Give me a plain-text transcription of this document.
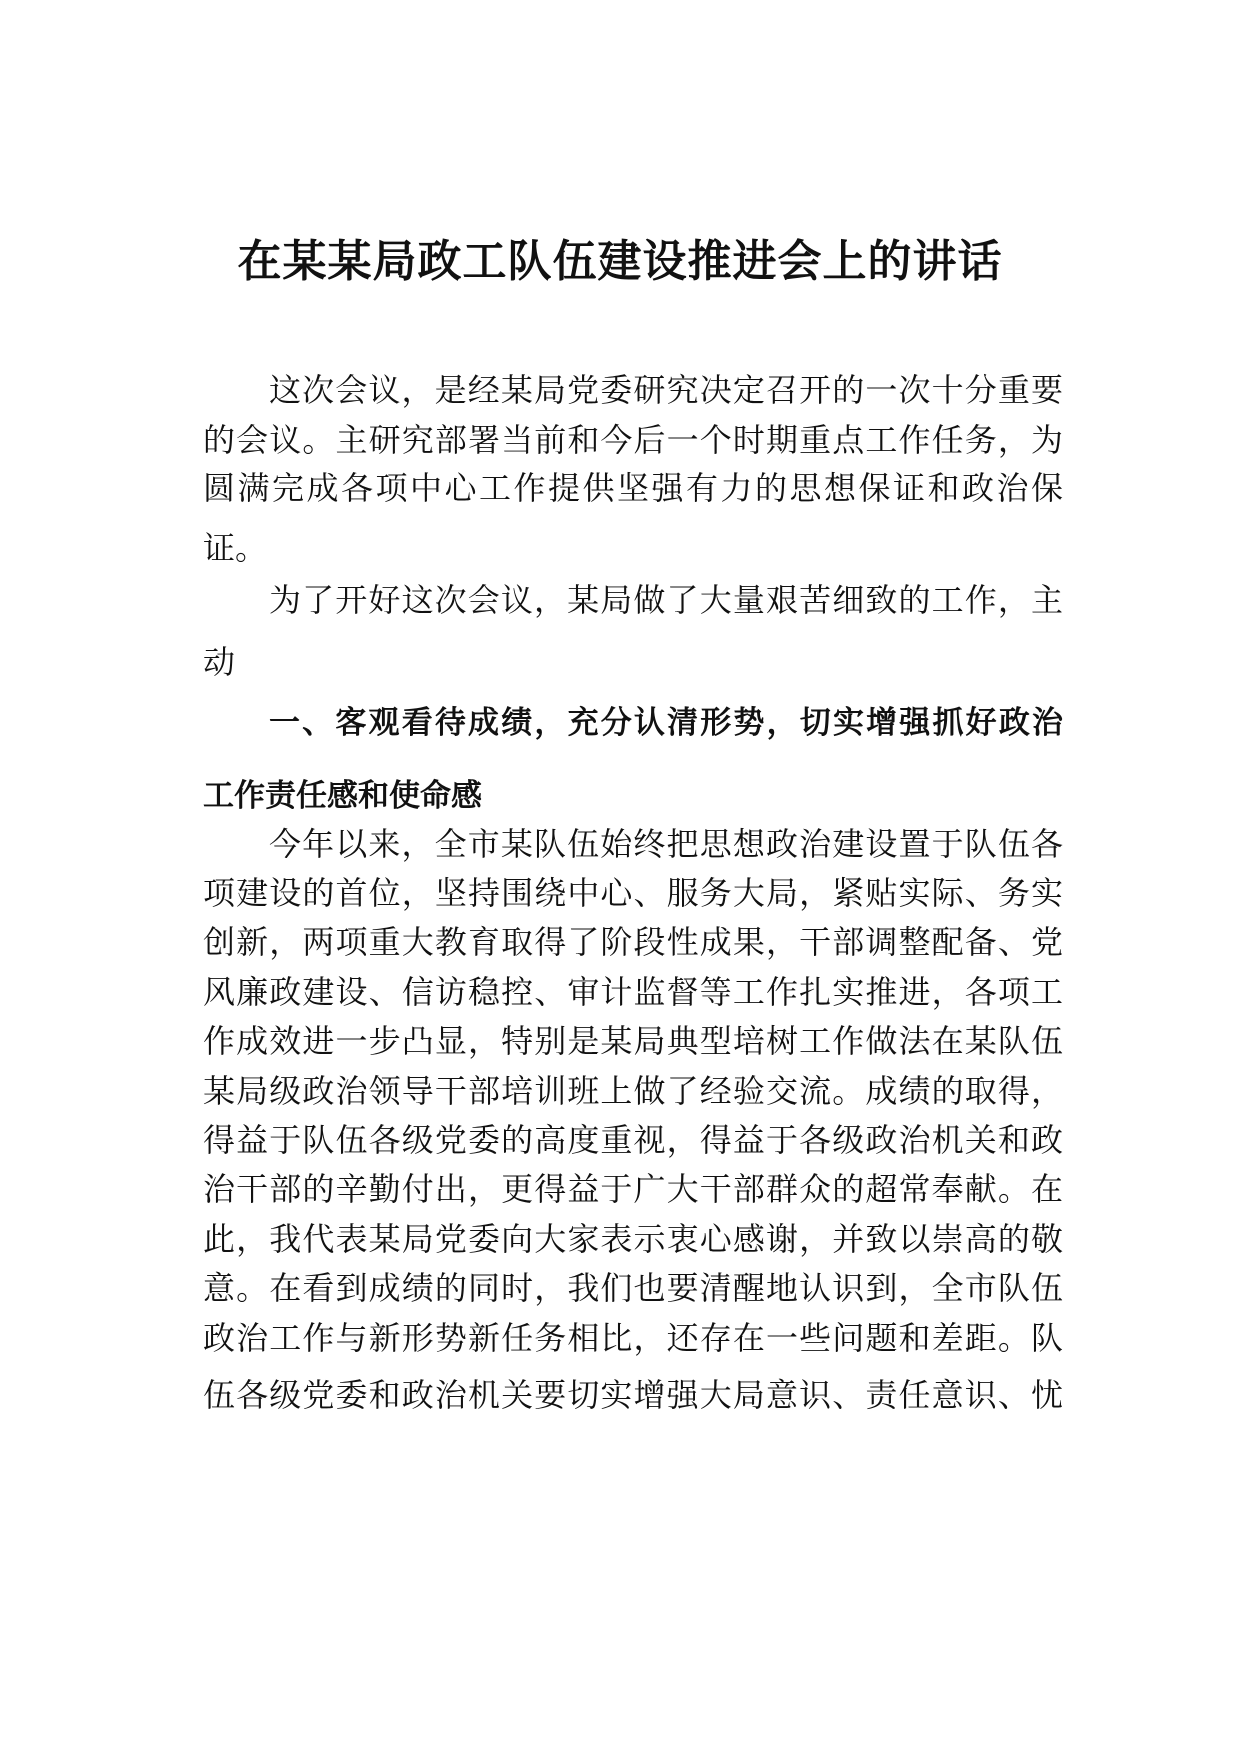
在某某局政工队伍建设推进会上的讲话

这次会议，是经某局党委研究决定召开的一次十分重要

的会议。主研究部署当前和今后一个时期重点工作任务，为

圆满完成各项中心工作提供坚强有力的思想保证和政治保

证。

为了开好这次会议，某局做了大量艰苦细致的工作，主

动

一、客观看待成绩，充分认清形势，切实增强抓好政治

工作责任感和使命感

今年以来，全市某队伍始终把思想政治建设置于队伍各

项建设的首位，坚持围绕中心、服务大局，紧贴实际、务实

创新，两项重大教育取得了阶段性成果，干部调整配备、党

风廉政建设、信访稳控、审计监督等工作扎实推进，各项工

作成效进一步凸显，特别是某局典型培树工作做法在某队伍

某局级政治领导干部培训班上做了经验交流。成绩的取得，

得益于队伍各级党委的高度重视，得益于各级政治机关和政

治干部的辛勤付出，更得益于广大干部群众的超常奉献。在

此，我代表某局党委向大家表示衷心感谢，并致以崇高的敬

意。在看到成绩的同时，我们也要清醒地认识到，全市队伍

政治工作与新形势新任务相比，还存在一些问题和差距。队

伍各级党委和政治机关要切实增强大局意识、责任意识、忧
